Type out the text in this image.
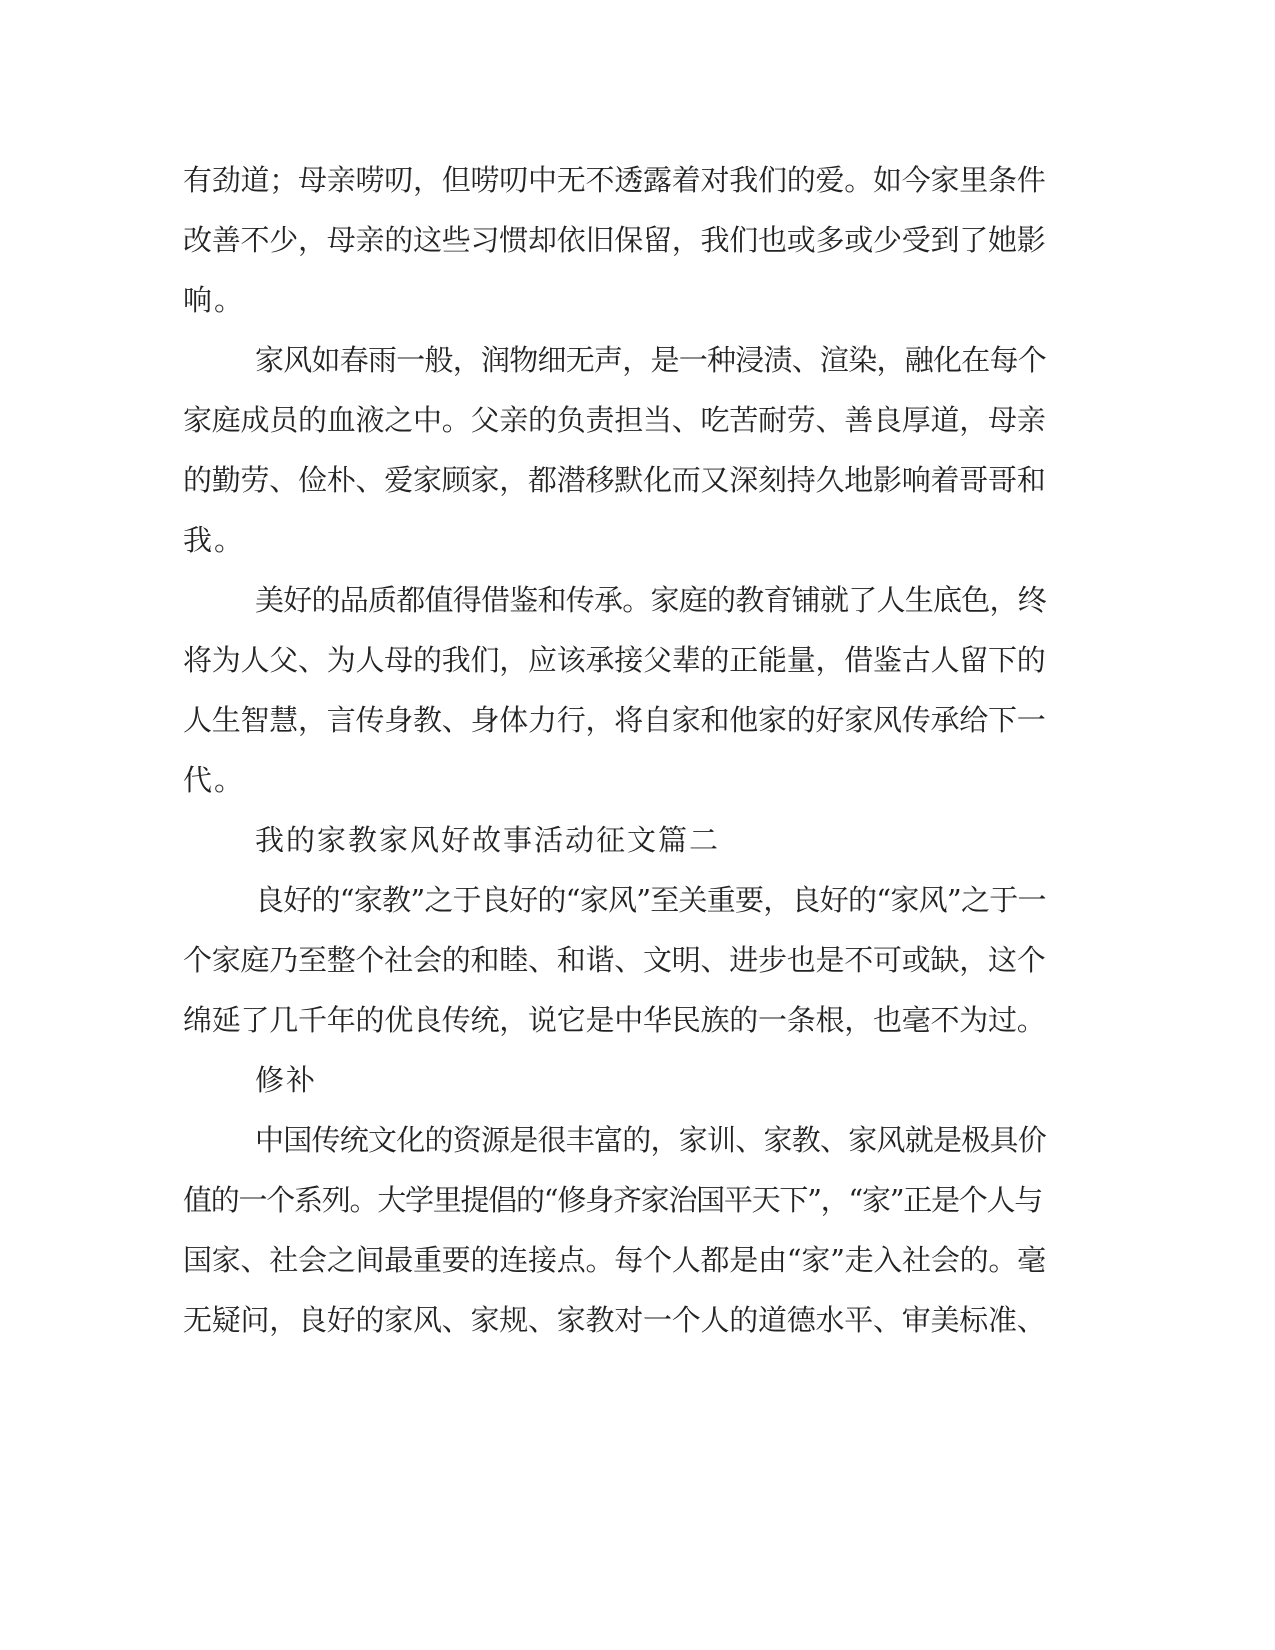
有劲道；母亲唠叨，但唠叨中无不透露着对我们的爱。如今家里条件
改善不少，母亲的这些习惯却依旧保留，我们也或多或少受到了她影
响。
家风如春雨一般，润物细无声，是一种浸渍、渲染，融化在每个
家庭成员的血液之中。父亲的负责担当、吃苦耐劳、善良厚道，母亲
的勤劳、俭朴、爱家顾家，都潜移默化而又深刻持久地影响着哥哥和
我。
美好的品质都值得借鉴和传承。家庭的教育铺就了人生底色，终
将为人父、为人母的我们，应该承接父辈的正能量，借鉴古人留下的
人生智慧，言传身教、身体力行，将自家和他家的好家风传承给下一
代。
我的家教家风好故事活动征文篇二
良好的“家教”之于良好的“家风”至关重要，良好的“家风”之于一
个家庭乃至整个社会的和睦、和谐、文明、进步也是不可或缺，这个
绵延了几千年的优良传统，说它是中华民族的一条根，也毫不为过。
修补
中国传统文化的资源是很丰富的，家训、家教、家风就是极具价
值的一个系列。大学里提倡的“修身齐家治国平天下”，“家”正是个人与
国家、社会之间最重要的连接点。每个人都是由“家”走入社会的。毫
无疑问，良好的家风、家规、家教对一个人的道德水平、审美标准、
